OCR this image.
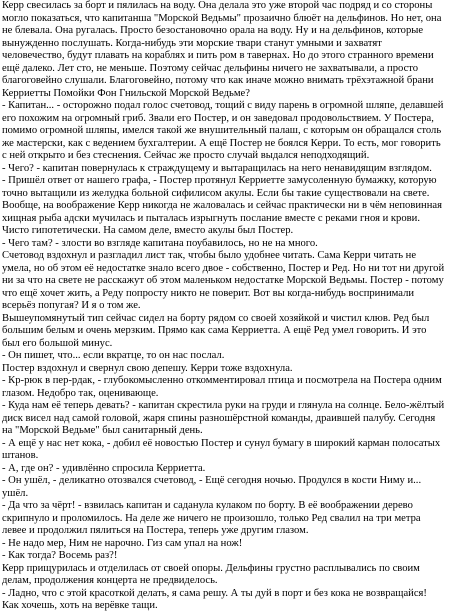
Керр свесилась за борт и пялилась на воду. Она делала это уже второй час подряд и со стороны могло показаться, что капитанша "Морской Ведьмы" прозаично блюёт на дельфинов. Но нет, она не блевала. Она ругалась. Просто безостановочно орала на воду. Ну и на дельфинов, которые вынужденно послушать. Когда-нибудь эти морские твари станут умными и захватят человечество, будут плавать на кораблях и пить ром в тавернах. Но до этого странного времени ещё далеко. Лет сто, не меньше. Поэтому сейчас дельфины ничего не захватывали, а просто благоговейно слушали. Благоговейно, потому что как иначе можно внимать трёхэтажной брани Керриетты Помойки Фон Гнильской Морской Ведьме?

- Капитан... - осторожно подал голос счетовод, тощий с виду парень в огромной шляпе, делавшей его похожим на огромный гриб. Звали его Постер, и он заведовал продовольствием. У Постера, помимо огромной шляпы, имелся такой же внушительный палаш, с которым он обращался столь же мастерски, как с ведением бухгалтерии. А ещё Постер не боялся Керри. То есть, мог говорить с ней открыто и без стеснения. Сейчас же просто случай выдался неподходящий.

- Чего? - капитан повернулась к страждущему и вытаращилась на него ненавидящим взглядом.

- Пришёл ответ от нашего графа, - Постер протянул Керриетте замусоленную бумажку, которую точно вытащили из желудка больной сифилисом акулы. Если бы такие существовали на свете. Вообще, на воображение Керр никогда не жаловалась и сейчас практически ни в чём неповинная хищная рыба адски мучилась и пыталась изрыгнуть послание вместе с реками гноя и крови. Чисто гипотетически. На самом деле, вместо акулы был Постер.

- Чего там? - злости во взгляде капитана поубавилось, но не на много.

Счетовод вздохнул и разгладил лист так, чтобы было удобнее читать. Сама Керри читать не умела, но об этом её недостатке знало всего двое - собственно, Постер и Ред. Но ни тот ни другой ни за что на свете не расскажут об этом маленьком недостатке Морской Ведьмы. Постер - потому что ещё хочет жить, а Реду попросту никто не поверит. Вот вы когда-нибудь воспринимали всерьёз попугая? И я о том же.

Вышеупомянутый тип сейчас сидел на борту рядом со своей хозяйкой и чистил клюв. Ред был большим белым и очень мерзким. Прямо как сама Керриетта. А ещё Ред умел говорить. И это был его большой минус.

- Он пишет, что... если вкратце, то он нас послал.

Постер вздохнул и свернул свою депешу. Керри тоже вздохнула.

- Кр-рюк в пер-рдак, - глубокомысленно откомментировал птица и посмотрела на Постера одним глазом. Недобро так, оценивающе.

- Куда нам её теперь девать? - капитан скрестила руки на груди и глянула на солнце. Бело-жёлтый диск висел над самой головой, жаря спины разношёрстной команды, драившей палубу. Сегодня на "Морской Ведьме" был санитарный день.

- А ещё у нас нет кока, - добил её новостью Постер и сунул бумагу в широкий карман полосатых штанов.

- А, где он? - удивлённо спросила Керриетта.

- Он ушёл, - деликатно отозвался счетовод, - Ещё сегодня ночью. Продулся в кости Ниму и... ушёл.

- Да что за чёрт! - взвилась капитан и саданула кулаком по борту. В её воображении дерево скрипнуло и проломилось. На деле же ничего не произошло, только Ред свалил на три метра левее и продолжил пялиться на Постера, теперь уже другим глазом.

- Не надо мер, Ним не нарочно. Гиз сам упал на нож!

- Как тогда? Восемь раз?!

Керр прищурилась и отделилась от своей опоры. Дельфины грустно расплывались по своим делам, продолжения концерта не предвиделось.

- Ладно, что с этой красоткой делать, я сама решу. А ты дуй в порт и без кока не возвращайся! Как хочешь, хоть на верёвке тащи.
